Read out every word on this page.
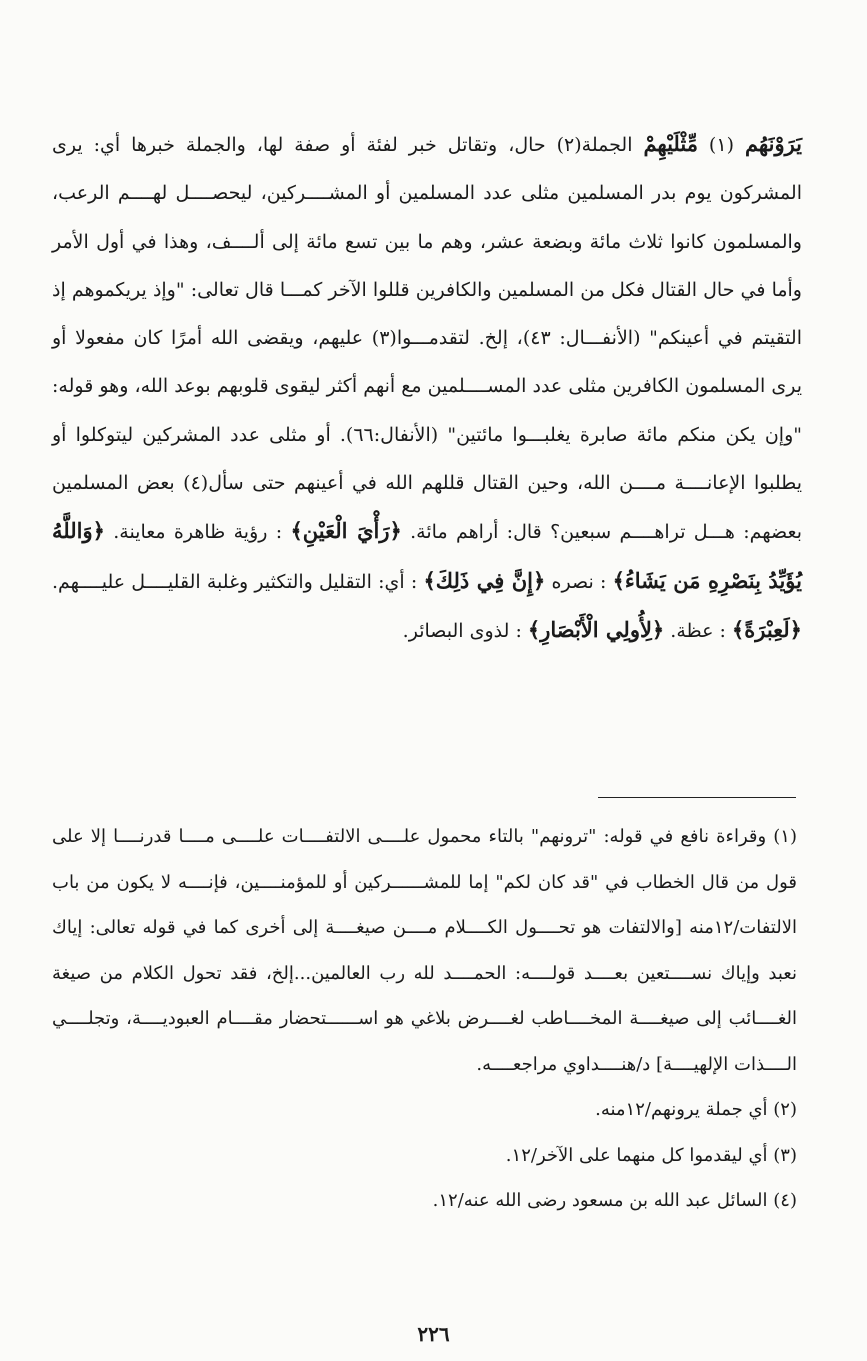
يَرَوْنَهُم (١) مِّثْلَيْهِمْ الجملة(٢) حال، وتقاتل خبر لفئة أو صفة لها، والجملة خبرها أي: يرى المشركون يوم بدر المسلمين مثلى عدد المسلمين أو المشــــركين، ليحصــــل لهــــم الرعب، والمسلمون كانوا ثلاث مائة وبضعة عشر، وهم ما بين تسع مائة إلى ألــــف، وهذا في أول الأمر وأما في حال القتال فكل من المسلمين والكافرين قللوا الآخر كمـــا قال تعالى: "وإذ يريكموهم إذ التقيتم في أعينكم" (الأنفـــال: ٤٣)، إلخ. لتقدمـــوا(٣) عليهم، ويقضى الله أمرًا كان مفعولا أو يرى المسلمون الكافرين مثلى عدد المســــلمين مع أنهم أكثر ليقوى قلوبهم بوعد الله، وهو قوله: "وإن يكن منكم مائة صابرة يغلبـــوا مائتين" (الأنفال:٦٦). أو مثلى عدد المشركين ليتوكلوا أو يطلبوا الإعانــــة مــــن الله، وحين القتال قللهم الله في أعينهم حتى سأل(٤) بعض المسلمين بعضهم: هـــل تراهــــم سبعين؟ قال: أراهم مائة. ﴿رَأْيَ الْعَيْنِ﴾ : رؤية ظاهرة معاينة. ﴿وَاللَّهُ يُؤَيِّدُ بِنَصْرِهِ مَن يَشَاءُ﴾ : نصره ﴿إِنَّ فِي ذَلِكَ﴾ : أي: التقليل والتكثير وغلبة القليــــل عليــــهم. ﴿لَعِبْرَةً﴾ : عظة. ﴿لِأُولِي الْأَبْصَارِ﴾ : لذوى البصائر.

(١) وقراءة نافع في قوله: "ترونهم" بالتاء محمول علــــى الالتفــــات علــــى مــــا قدرنــــا إلا على قول من قال الخطاب في "قد كان لكم" إما للمشــــــركين أو للمؤمنــــين، فإنــــه لا يكون من باب الالتفات/١٢منه [والالتفات هو تحــــول الكــــلام مــــن صيغــــة إلى أخرى كما في قوله تعالى: إياك نعبد وإياك نســــتعين بعــــد قولــــه: الحمــــد لله رب العالمين...إلخ، فقد تحول الكلام من صيغة الغــــائب إلى صيغــــة المخــــاطب لغــــرض بلاغي هو اســــــتحضار مقــــام العبوديــــة، وتجلــــي الــــذات الإلهيــــة] د/هنــــداوي مراجعــــه.

(٢) أي جملة يرونهم/١٢منه.

(٣) أي ليقدموا كل منهما على الآخر/١٢.

(٤) السائل عبد الله بن مسعود رضى الله عنه/١٢.

٢٢٦
